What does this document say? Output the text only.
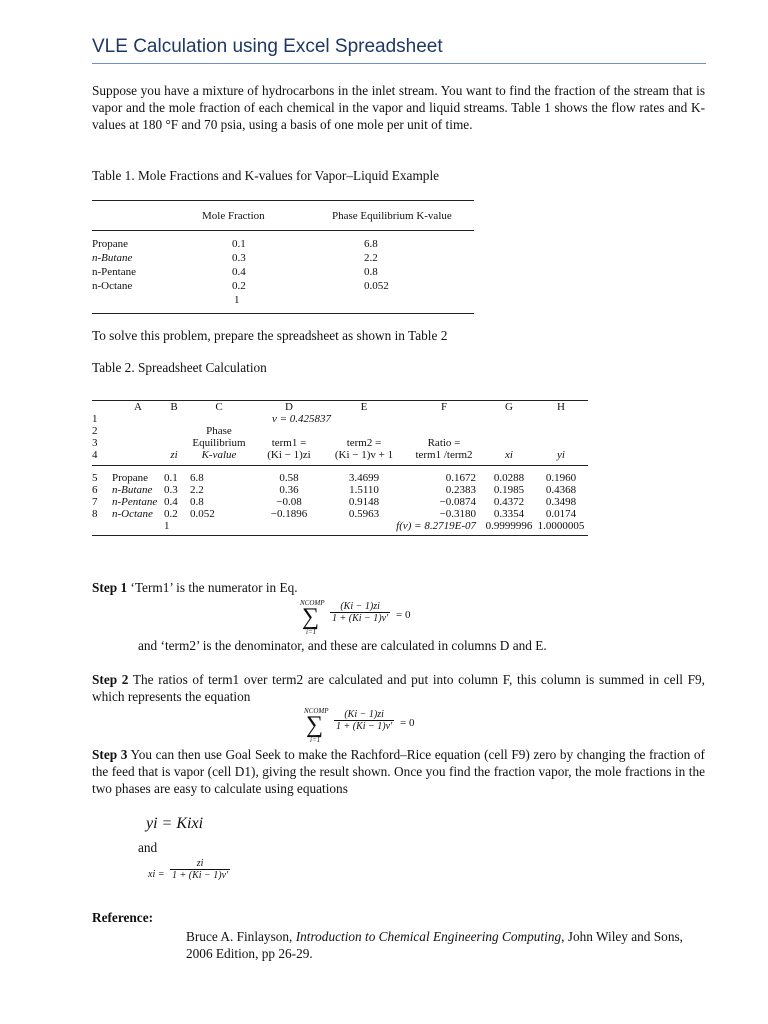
VLE Calculation using Excel Spreadsheet
Suppose you have a mixture of hydrocarbons in the inlet stream. You want to find the fraction of the stream that is vapor and the mole fraction of each chemical in the vapor and liquid streams. Table 1 shows the flow rates and K-values at 180 °F and 70 psia, using a basis of one mole per unit of time.
Table 1. Mole Fractions and K-values for Vapor–Liquid Example

	Mole Fraction	Phase Equilibrium K-value

Propane	0.1	6.8
n-Butane	0.3	2.2
n-Pentane	0.4	0.8
n-Octane	0.2	0.052
	1	

To solve this problem, prepare the spreadsheet as shown in Table 2
Table 2. Spreadsheet Calculation
	A	B	C	D	E	F	G	H
1				v = 0.425837				
2			Phase					
3			Equilibrium	term1 =	term2 =	Ratio =		
4		zi	K-value	(Ki − 1)zi	(Ki − 1)v + 1	term1 /term2	xi	yi

5	Propane	0.1	6.8	0.58	3.4699	0.1672	0.0288	0.1960
6	n-Butane	0.3	2.2	0.36	1.5110	0.2383	0.1985	0.4368
7	n-Pentane	0.4	0.8	−0.08	0.9148	−0.0874	0.4372	0.3498
8	n-Octane	0.2	0.052	−0.1896	0.5963	−0.3180	0.3354	0.0174
		1			f(v) = 8.2719E-07		0.9999996	1.0000005

Step 1 ‘Term1’ is the numerator in Eq.
NCOMP
∑
i=1
$\frac{(Ki - 1)zi}{1 + (Ki - 1)v'} = 0$
and ‘term2’ is the denominator, and these are calculated in columns D and E.
Step 2 The ratios of term1 over term2 are calculated and put into column F, this column is summed in cell F9, which represents the equation
NCOMP
∑
i=1
$\frac{(Ki - 1)zi}{1 + (Ki - 1)v'} = 0$
Step 3 You can then use Goal Seek to make the Rachford–Rice equation (cell F9) zero by changing the fraction of the feed that is vapor (cell D1), giving the result shown. Once you find the fraction vapor, the mole fractions in the two phases are easy to calculate using equations
yi = Kixi
and
xi = $\frac{zi}{1 + (Ki - 1)v'}$
Reference:
Bruce A. Finlayson, Introduction to Chemical Engineering Computing, John Wiley and Sons, 2006 Edition, pp 26-29.
